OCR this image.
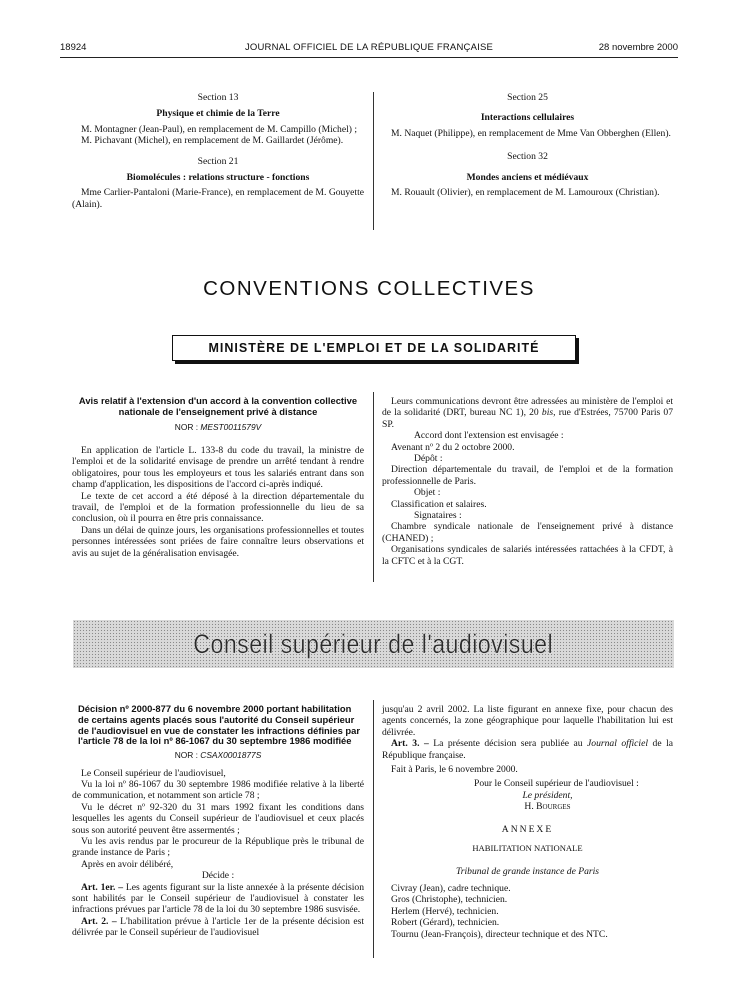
18924	JOURNAL OFFICIEL DE LA RÉPUBLIQUE FRANÇAISE	28 novembre 2000

Section 13

Physique et chimie de la Terre

M. Montagner (Jean-Paul), en remplacement de M. Campillo (Michel) ;

M. Pichavant (Michel), en remplacement de M. Gaillardet (Jérôme).

Section 21

Biomolécules : relations structure - fonctions

Mme Carlier-Pantaloni (Marie-France), en remplacement de M. Gouyette (Alain).

Section 25

Interactions cellulaires

M. Naquet (Philippe), en remplacement de Mme Van Obberghen (Ellen).

Section 32

Mondes anciens et médiévaux

M. Rouault (Olivier), en remplacement de M. Lamouroux (Christian).

CONVENTIONS COLLECTIVES
MINISTÈRE DE L'EMPLOI ET DE LA SOLIDARITÉ

Avis relatif à l'extension d'un accord à la convention collective nationale de l'enseignement privé à distance

NOR : MEST0011579V

En application de l'article L. 133-8 du code du travail, la ministre de l'emploi et de la solidarité envisage de prendre un arrêté tendant à rendre obligatoires, pour tous les employeurs et tous les salariés entrant dans son champ d'application, les dispositions de l'accord ci-après indiqué.

Le texte de cet accord a été déposé à la direction départementale du travail, de l'emploi et de la formation professionnelle du lieu de sa conclusion, où il pourra en être pris connaissance.

Dans un délai de quinze jours, les organisations professionnelles et toutes personnes intéressées sont priées de faire connaître leurs observations et avis au sujet de la généralisation envisagée.

Leurs communications devront être adressées au ministère de l'emploi et de la solidarité (DRT, bureau NC 1), 20 bis, rue d'Estrées, 75700 Paris 07 SP.

Accord dont l'extension est envisagée :

Avenant nº 2 du 2 octobre 2000.

Dépôt :

Direction départementale du travail, de l'emploi et de la formation professionnelle de Paris.

Objet :

Classification et salaires.

Signataires :

Chambre syndicale nationale de l'enseignement privé à distance (CHANED) ;

Organisations syndicales de salariés intéressées rattachées à la CFDT, à la CFTC et à la CGT.

Conseil supérieur de l'audiovisuel

Décision nº 2000-877 du 6 novembre 2000 portant habilitation de certains agents placés sous l'autorité du Conseil supérieur de l'audiovisuel en vue de constater les infractions définies par l'article 78 de la loi nº 86-1067 du 30 septembre 1986 modifiée

NOR : CSAX0001877S

Le Conseil supérieur de l'audiovisuel,

Vu la loi nº 86-1067 du 30 septembre 1986 modifiée relative à la liberté de communication, et notamment son article 78 ;

Vu le décret nº 92-320 du 31 mars 1992 fixant les conditions dans lesquelles les agents du Conseil supérieur de l'audiovisuel et ceux placés sous son autorité peuvent être assermentés ;

Vu les avis rendus par le procureur de la République près le tribunal de grande instance de Paris ;

Après en avoir délibéré,

Décide :

Art. 1er. – Les agents figurant sur la liste annexée à la présente décision sont habilités par le Conseil supérieur de l'audiovisuel à constater les infractions prévues par l'article 78 de la loi du 30 septembre 1986 susvisée.

Art. 2. – L'habilitation prévue à l'article 1er de la présente décision est délivrée par le Conseil supérieur de l'audiovisuel

jusqu'au 2 avril 2002. La liste figurant en annexe fixe, pour chacun des agents concernés, la zone géographique pour laquelle l'habilitation lui est délivrée.

Art. 3. – La présente décision sera publiée au Journal officiel de la République française.

Fait à Paris, le 6 novembre 2000.

Pour le Conseil supérieur de l'audiovisuel :

Le président,

H. Bourges

ANNEXE

HABILITATION NATIONALE

Tribunal de grande instance de Paris

Civray (Jean), cadre technique.

Gros (Christophe), technicien.

Herlem (Hervé), technicien.

Robert (Gérard), technicien.

Tournu (Jean-François), directeur technique et des NTC.
